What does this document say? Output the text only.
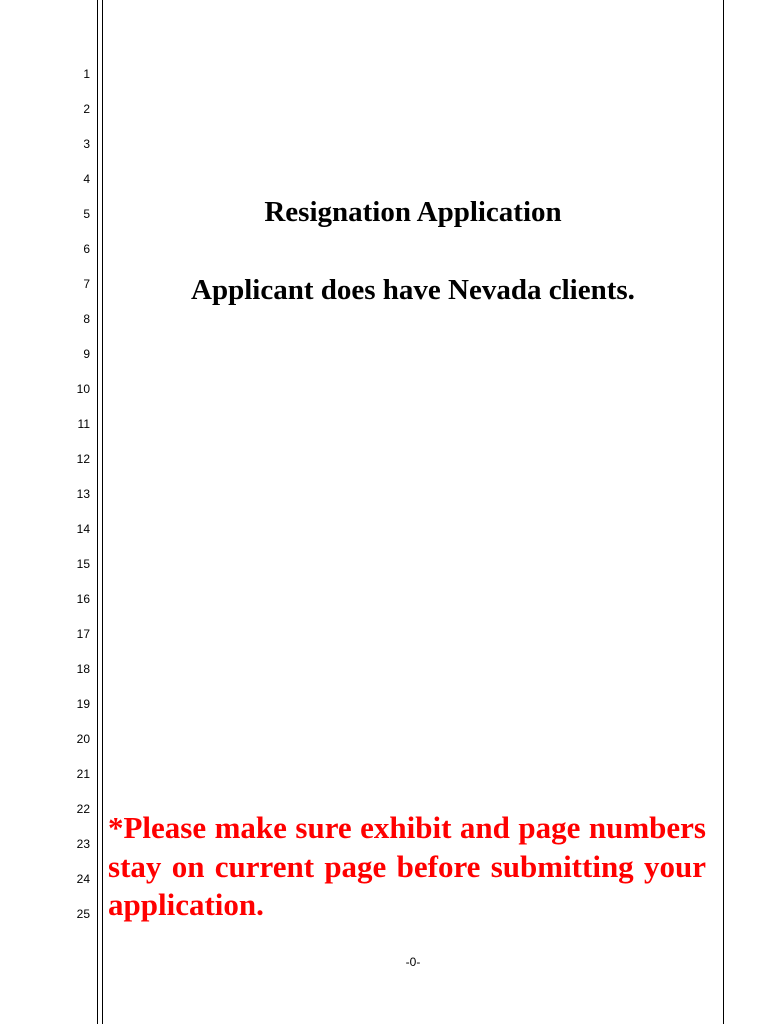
1
2
3
4
5
6
7
8
9
10
11
12
13
14
15
16
17
18
19
20
21
22
23
24
25
Resignation Application
Applicant does have Nevada clients.

*Please make sure exhibit and page numbers stay on current page before submitting your application.

-0-
